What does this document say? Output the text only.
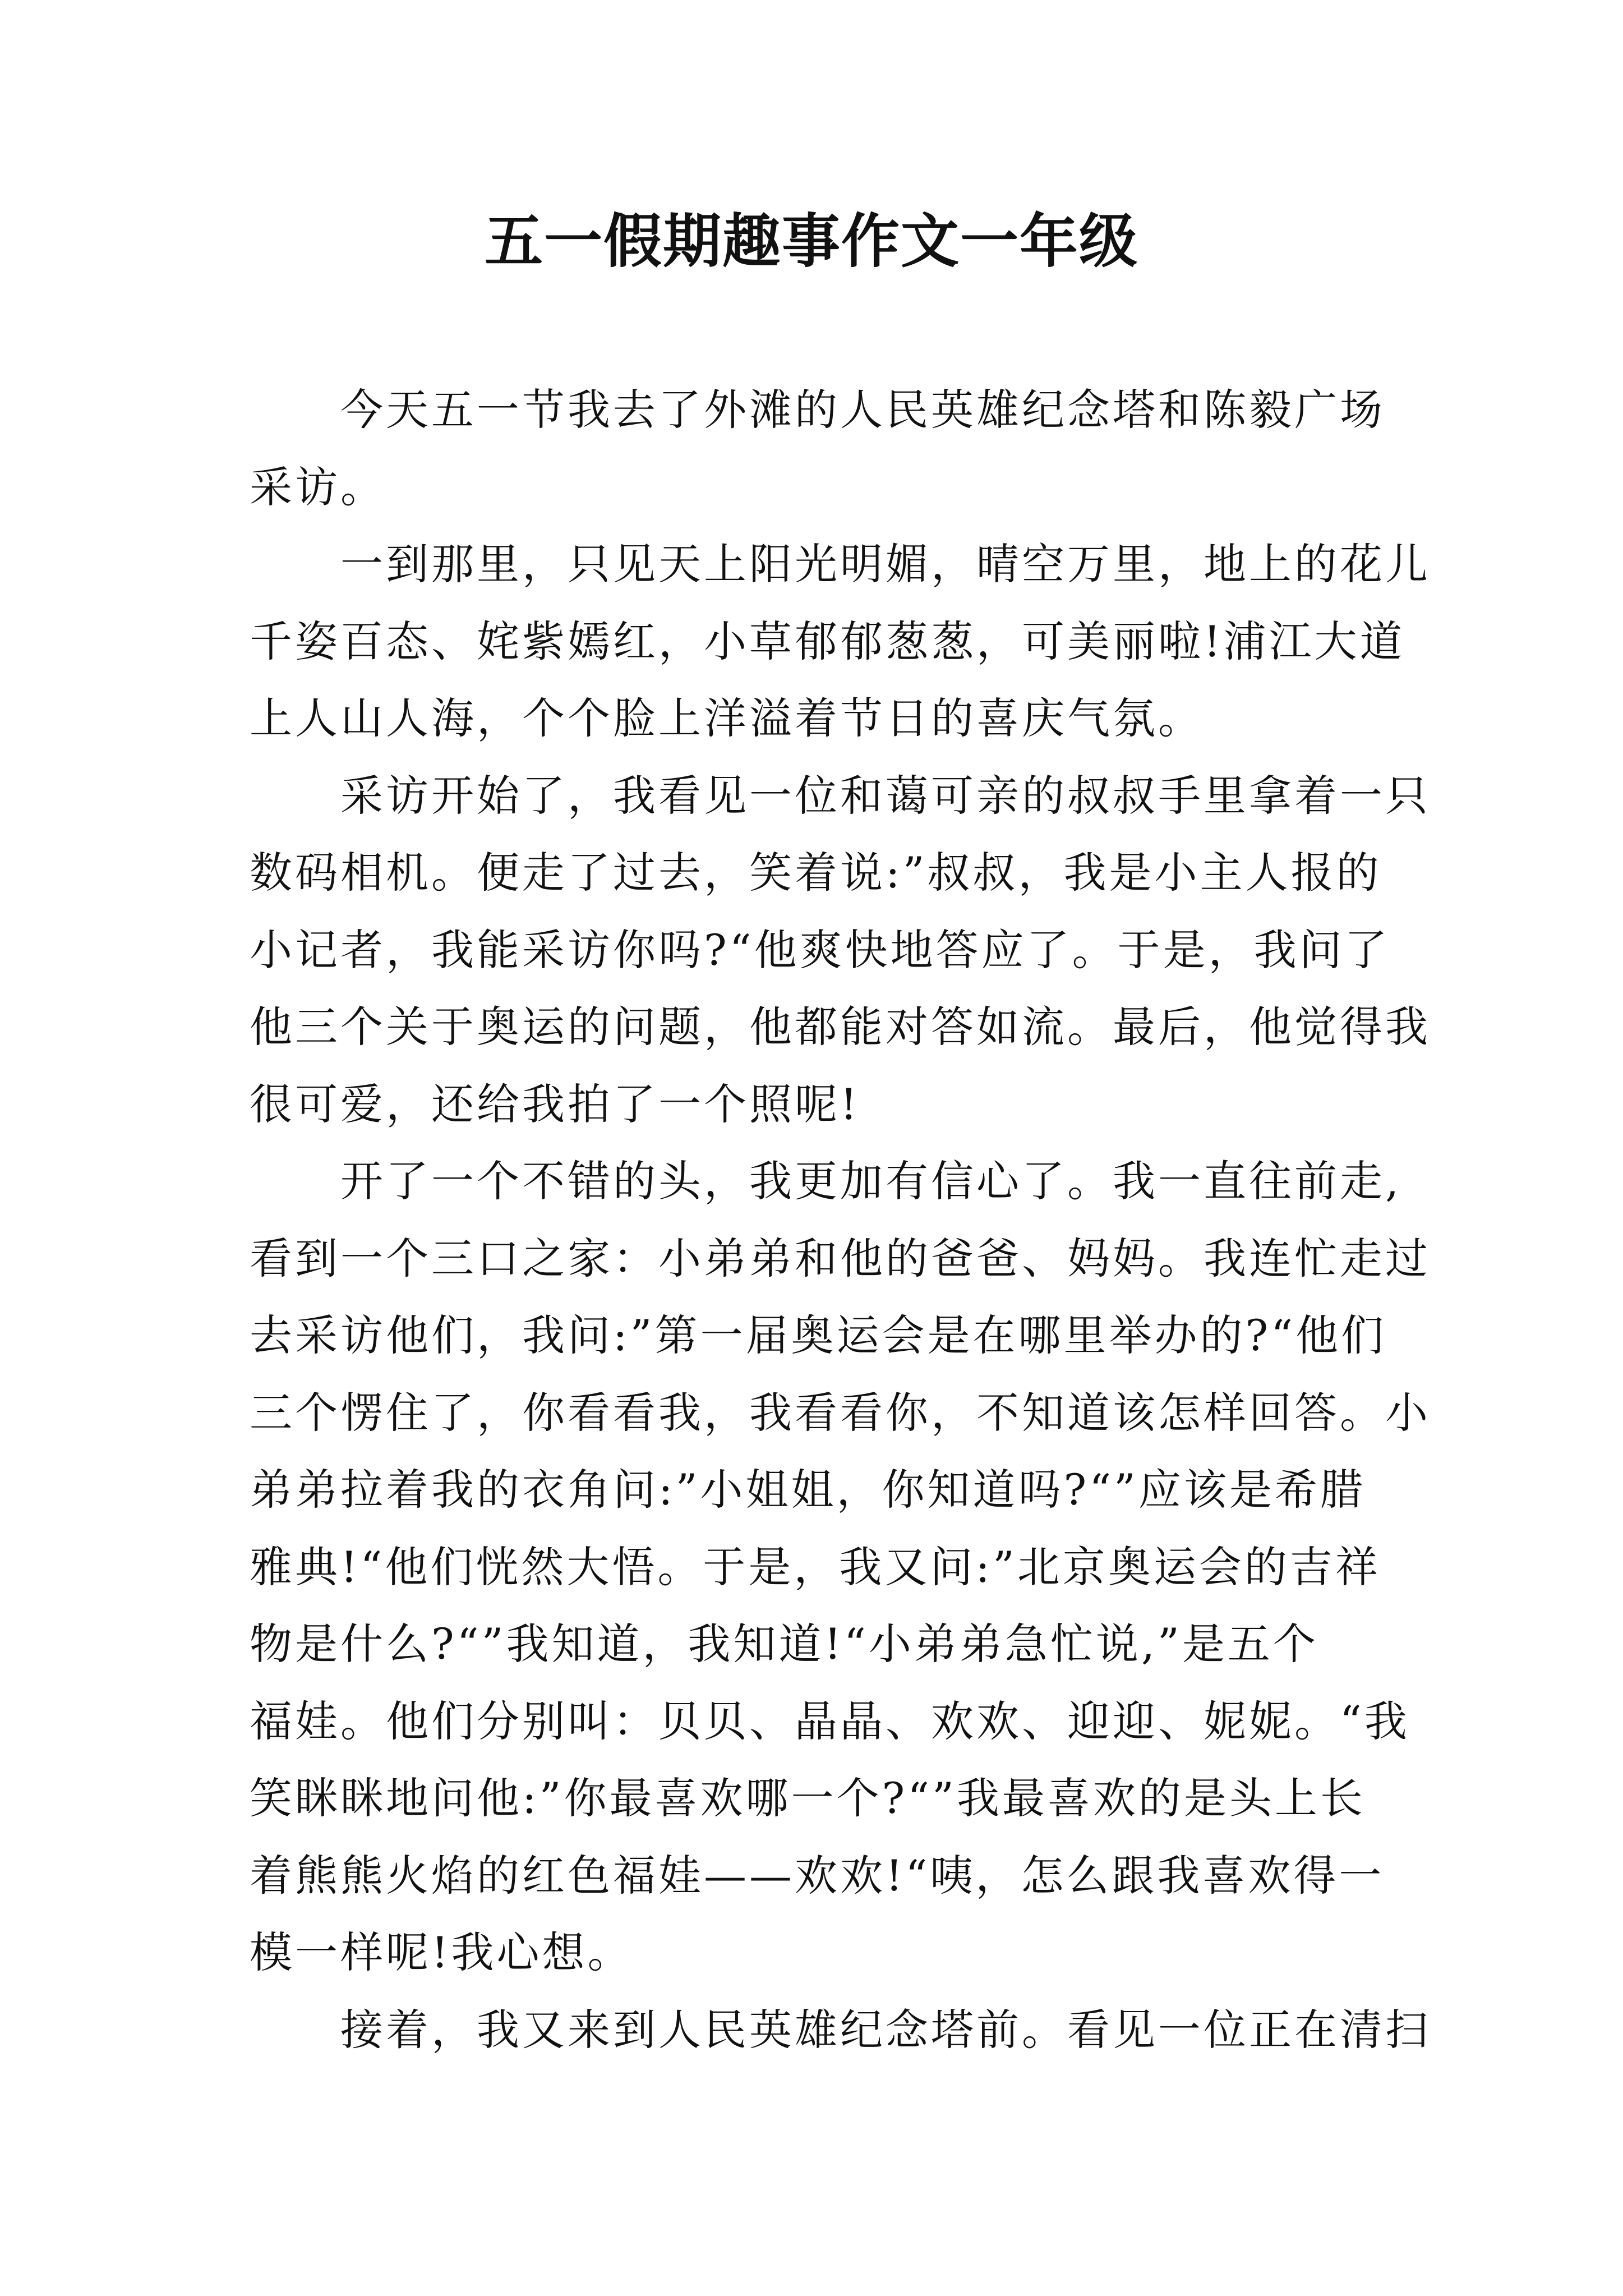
五一假期趣事作文一年级
今天五一节我去了外滩的人民英雄纪念塔和陈毅广场
采访。
一到那里，只见天上阳光明媚，晴空万里，地上的花儿
千姿百态、姹紫嫣红，小草郁郁葱葱，可美丽啦!浦江大道
上人山人海，个个脸上洋溢着节日的喜庆气氛。
采访开始了，我看见一位和蔼可亲的叔叔手里拿着一只
数码相机。便走了过去，笑着说:”叔叔，我是小主人报的
小记者，我能采访你吗?“他爽快地答应了。于是，我问了
他三个关于奥运的问题，他都能对答如流。最后，他觉得我
很可爱，还给我拍了一个照呢!
开了一个不错的头，我更加有信心了。我一直往前走,
看到一个三口之家：小弟弟和他的爸爸、妈妈。我连忙走过
去采访他们，我问:”第一届奥运会是在哪里举办的?“他们
三个愣住了，你看看我，我看看你，不知道该怎样回答。小
弟弟拉着我的衣角问:”小姐姐，你知道吗?“”应该是希腊
雅典!“他们恍然大悟。于是，我又问:”北京奥运会的吉祥
物是什么?“”我知道，我知道!“小弟弟急忙说,”是五个
福娃。他们分别叫：贝贝、晶晶、欢欢、迎迎、妮妮。“我
笑眯眯地问他:”你最喜欢哪一个?“”我最喜欢的是头上长
着熊熊火焰的红色福娃——欢欢!“咦，怎么跟我喜欢得一
模一样呢!我心想。
接着，我又来到人民英雄纪念塔前。看见一位正在清扫
